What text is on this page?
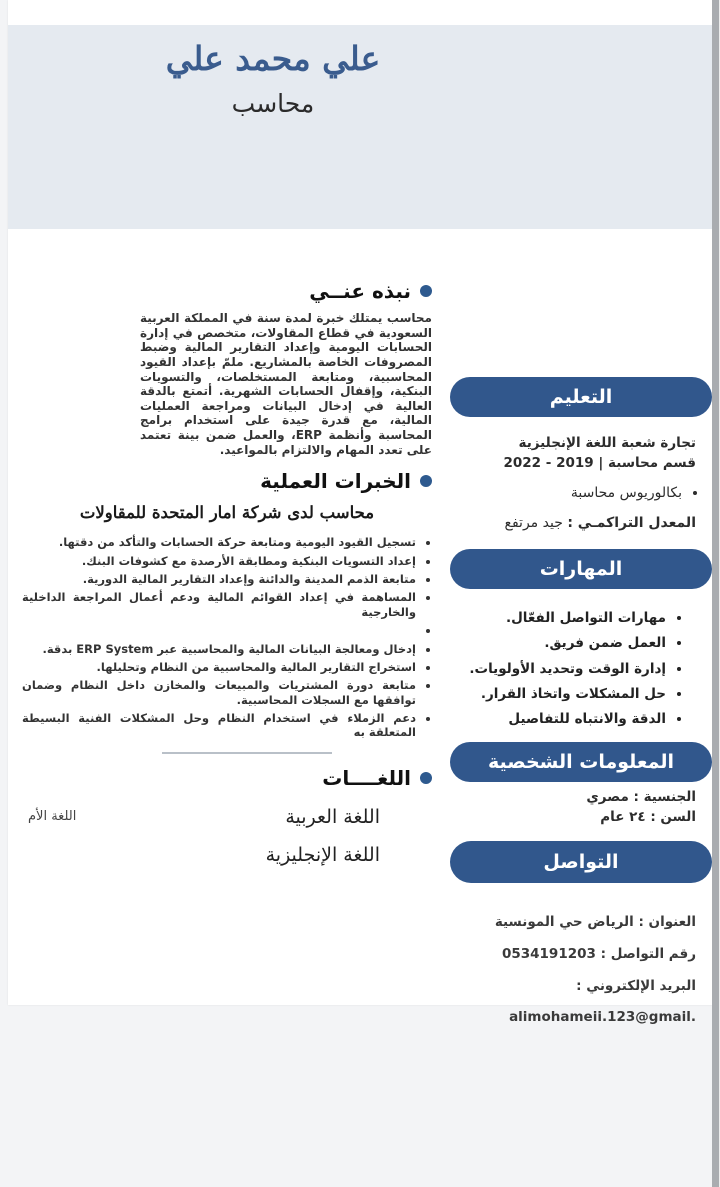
علي محمد علي
محاسب
التعليم
تجارة شعبة اللغة الإنجليزية
قسم محاسبة | 2019 - 2022
• بكالوريوس محاسبة
المعدل التراكمـي : جيد مرتفع
المهارات
• مهارات التواصل الفعّال.
• العمل ضمن فريق.
• إدارة الوقت وتحديد الأولويات.
• حل المشكلات واتخاذ القرار.
• الدقة والانتباه للتفاصيل
المعلومات الشخصية
الجنسية : مصري
السن : ٢٤ عام
التواصل
العنوان : الرياض حي المونسية
رقم التواصل : 0534191203
البريد الإلكتروني : alimohameii.123@gmail.
نبذه عنــي
محاسب يمتلك خبرة لمدة سنة في المملكة العربية السعودية في قطاع المقاولات، متخصص في إدارة الحسابات اليومية وإعداد التقارير المالية وضبط المصروفات الخاصة بالمشاريع. ملمّ بإعداد القيود المحاسبية، ومتابعة المستخلصات، والتسويات البنكية، وإقفال الحسابات الشهرية. أتمتع بالدقة العالية في إدخال البيانات ومراجعة العمليات المالية، مع قدرة جيدة على استخدام برامج المحاسبة وأنظمة ERP، والعمل ضمن بينة تعتمد على تعدد المهام والالتزام بالمواعيد.
الخبرات العملية
محاسب لدى شركة امار المتحدة للمقاولات
• تسجيل القيود اليومية ومتابعة حركة الحسابات والتأكد من دقتها.
• إعداد التسويات البنكية ومطابقة الأرصدة مع كشوفات البنك.
• متابعة الذمم المدينة والدائنة وإعداد التقارير المالية الدورية.
• المساهمة في إعداد القوائم المالية ودعم أعمال المراجعة الداخلية والخارجية
•
• إدخال ومعالجة البيانات المالية والمحاسبية عبر ERP System بدقة.
• استخراج التقارير المالية والمحاسبية من النظام وتحليلها.
• متابعة دورة المشتريات والمبيعات والمخازن داخل النظام وضمان توافقها مع السجلات المحاسبية.
• دعم الزملاء في استخدام النظام وحل المشكلات الفنية البسيطة المتعلقة به
اللغــــات
اللغة العربية
اللغة الأم
اللغة الإنجليزية
